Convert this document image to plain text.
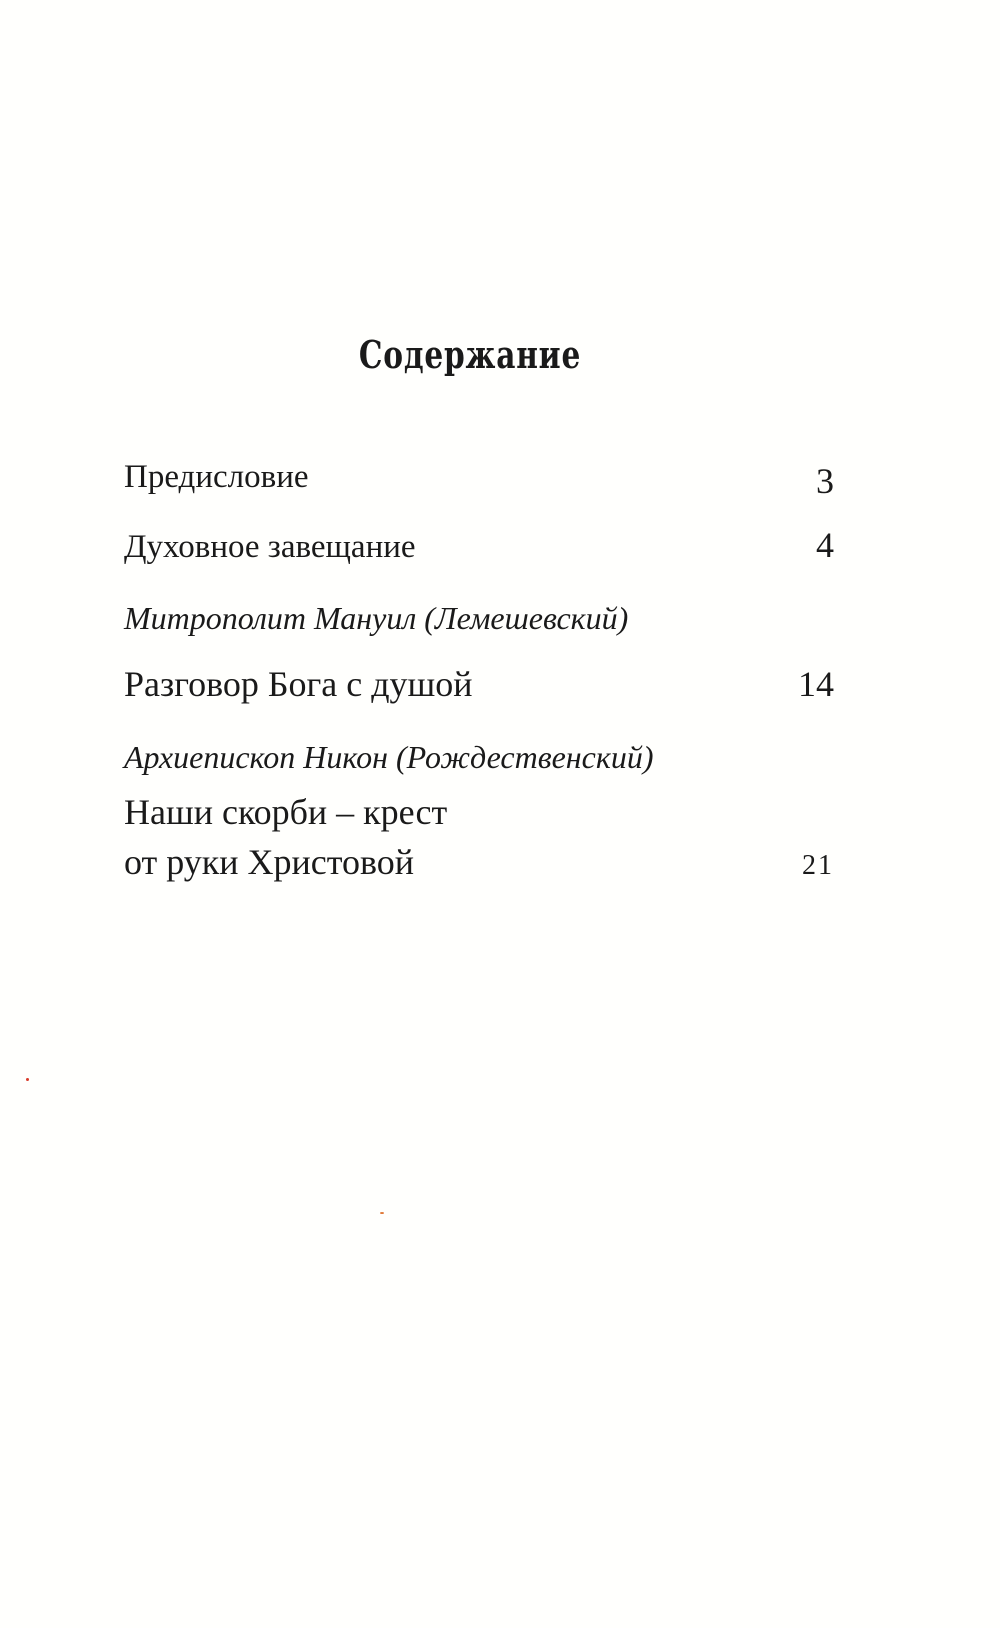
Содержание
Предисловие	3
Духовное завещание	4
Митрополит Мануил (Лемешевский)
Разговор Бога с душой	14
Архиепископ Никон (Рождественский)
Наши скорби – крест
от руки Христовой	21
